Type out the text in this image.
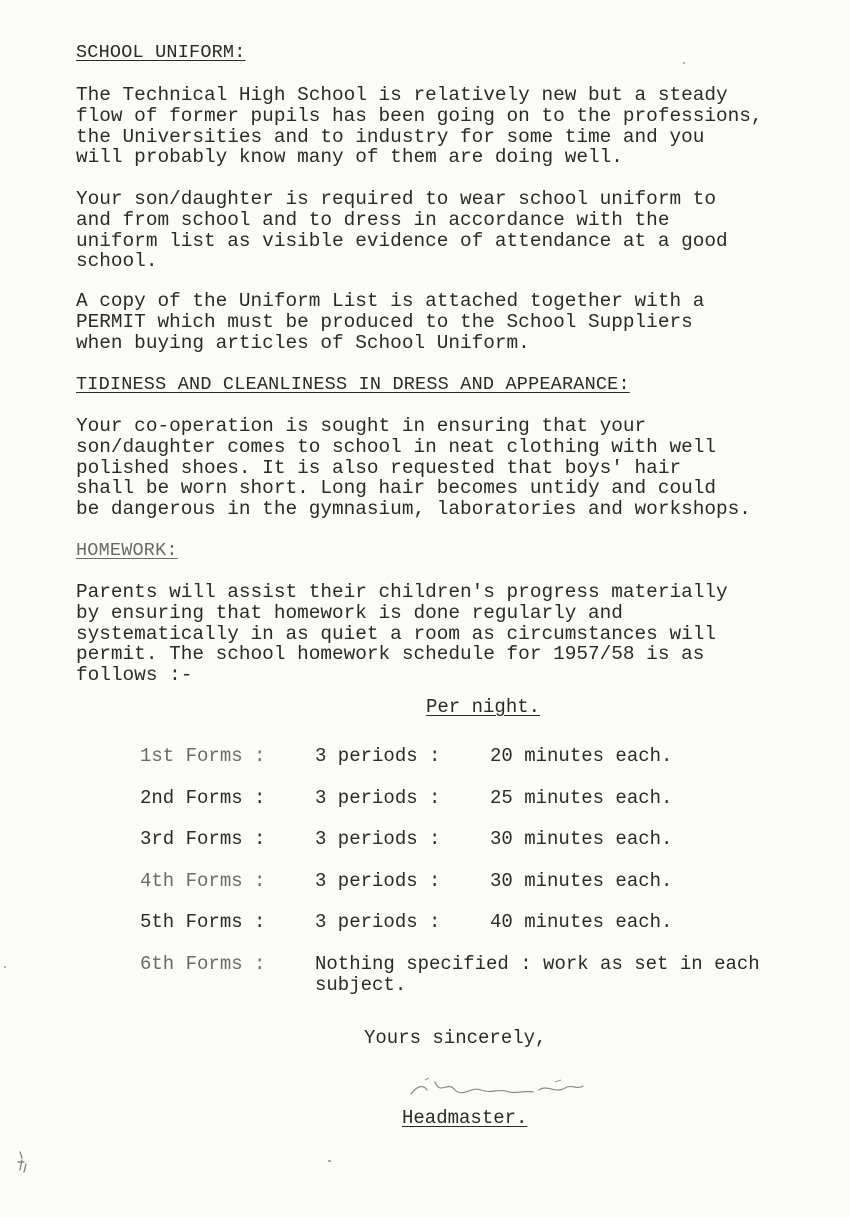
SCHOOL UNIFORM:
The Technical High School is relatively new but a steady
flow of former pupils has been going on to the professions,
the Universities and to industry for some time and you
will probably know many of them are doing well.
Your son/daughter is required to wear school uniform to
and from school and to dress in accordance with the
uniform list as visible evidence of attendance at a good
school.
A copy of the Uniform List is attached together with a
PERMIT which must be produced to the School Suppliers
when buying articles of School Uniform.
TIDINESS AND CLEANLINESS IN DRESS AND APPEARANCE:
Your co-operation is sought in ensuring that your
son/daughter comes to school in neat clothing with well
polished shoes. It is also requested that boys' hair
shall be worn short. Long hair becomes untidy and could
be dangerous in the gymnasium, laboratories and workshops.
HOMEWORK:
Parents will assist their children's progress materially
by ensuring that homework is done regularly and
systematically in as quiet a room as circumstances will
permit. The school homework schedule for 1957/58 is as
follows :-
Per night.
1st Forms :	3 periods :	20 minutes each.
2nd Forms :	3 periods :	25 minutes each.
3rd Forms :	3 periods :	30 minutes each.
4th Forms :	3 periods :	30 minutes each.
5th Forms :	3 periods :	40 minutes each.
6th Forms :	Nothing specified : work as set in each subject.
Yours sincerely,
Headmaster.
